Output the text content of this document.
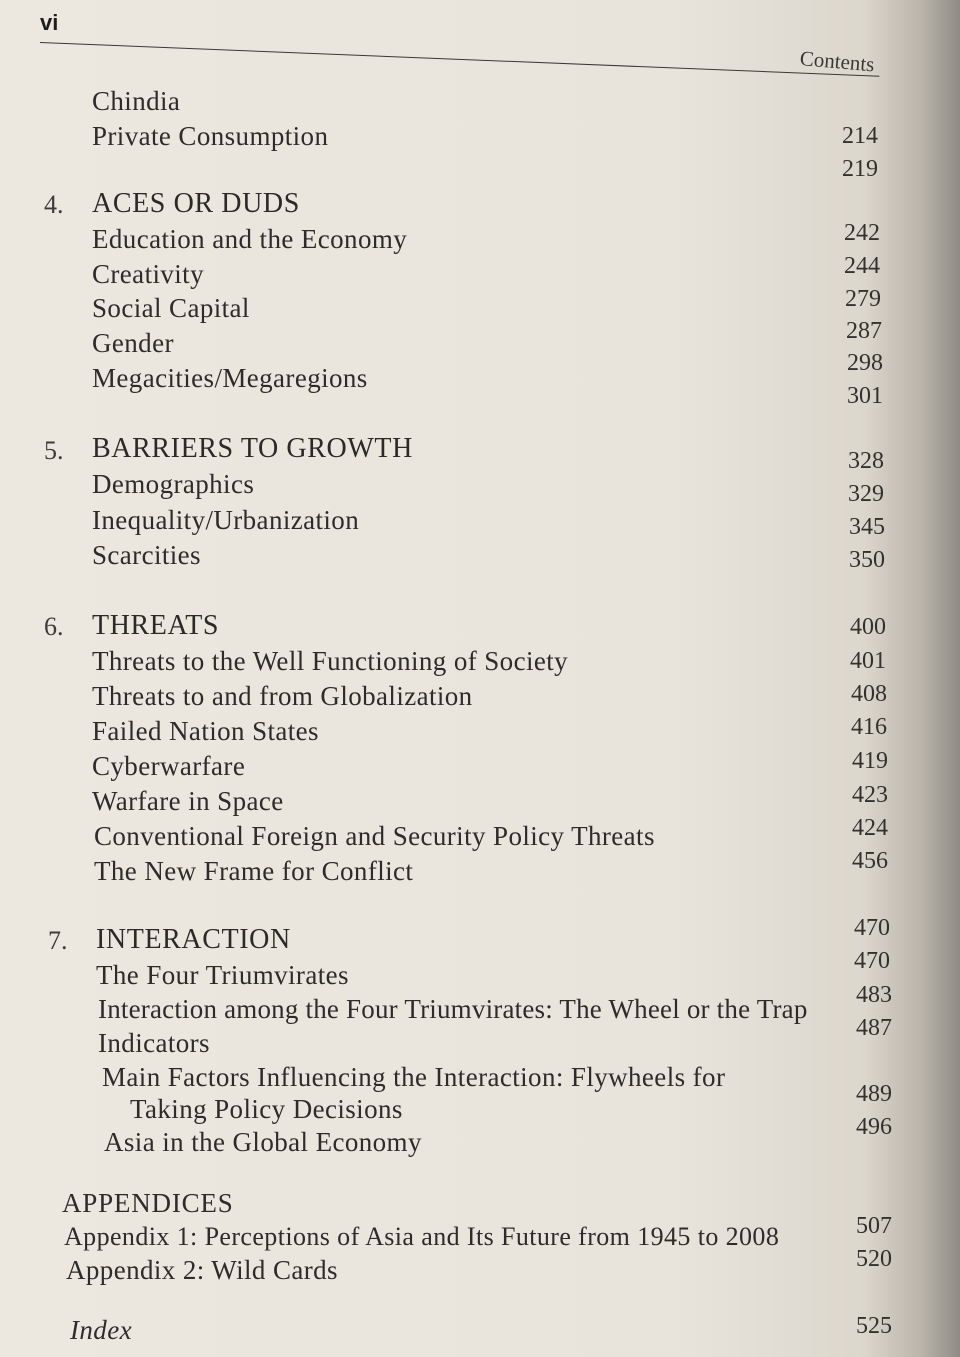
vi
Contents
Chindia
Private Consumption	214
219
4. ACES OR DUDS
Education and the Economy
Creativity
Social Capital
Gender
Megacities/Megaregions
242
244
279
287
298
301
5. BARRIERS TO GROWTH
Demographics
Inequality/Urbanization
Scarcities
328
329
345
350
6. THREATS
Threats to the Well Functioning of Society
Threats to and from Globalization
Failed Nation States
Cyberwarfare
Warfare in Space
Conventional Foreign and Security Policy Threats
The New Frame for Conflict
400
401
408
416
419
423
424
456
7. INTERACTION
The Four Triumvirates
Interaction among the Four Triumvirates: The Wheel or the Trap
Indicators
Main Factors Influencing the Interaction: Flywheels for
Taking Policy Decisions
Asia in the Global Economy
470
470
483
487
489
496
APPENDICES
Appendix 1: Perceptions of Asia and Its Future from 1945 to 2008
Appendix 2: Wild Cards
507
520
Index	525
